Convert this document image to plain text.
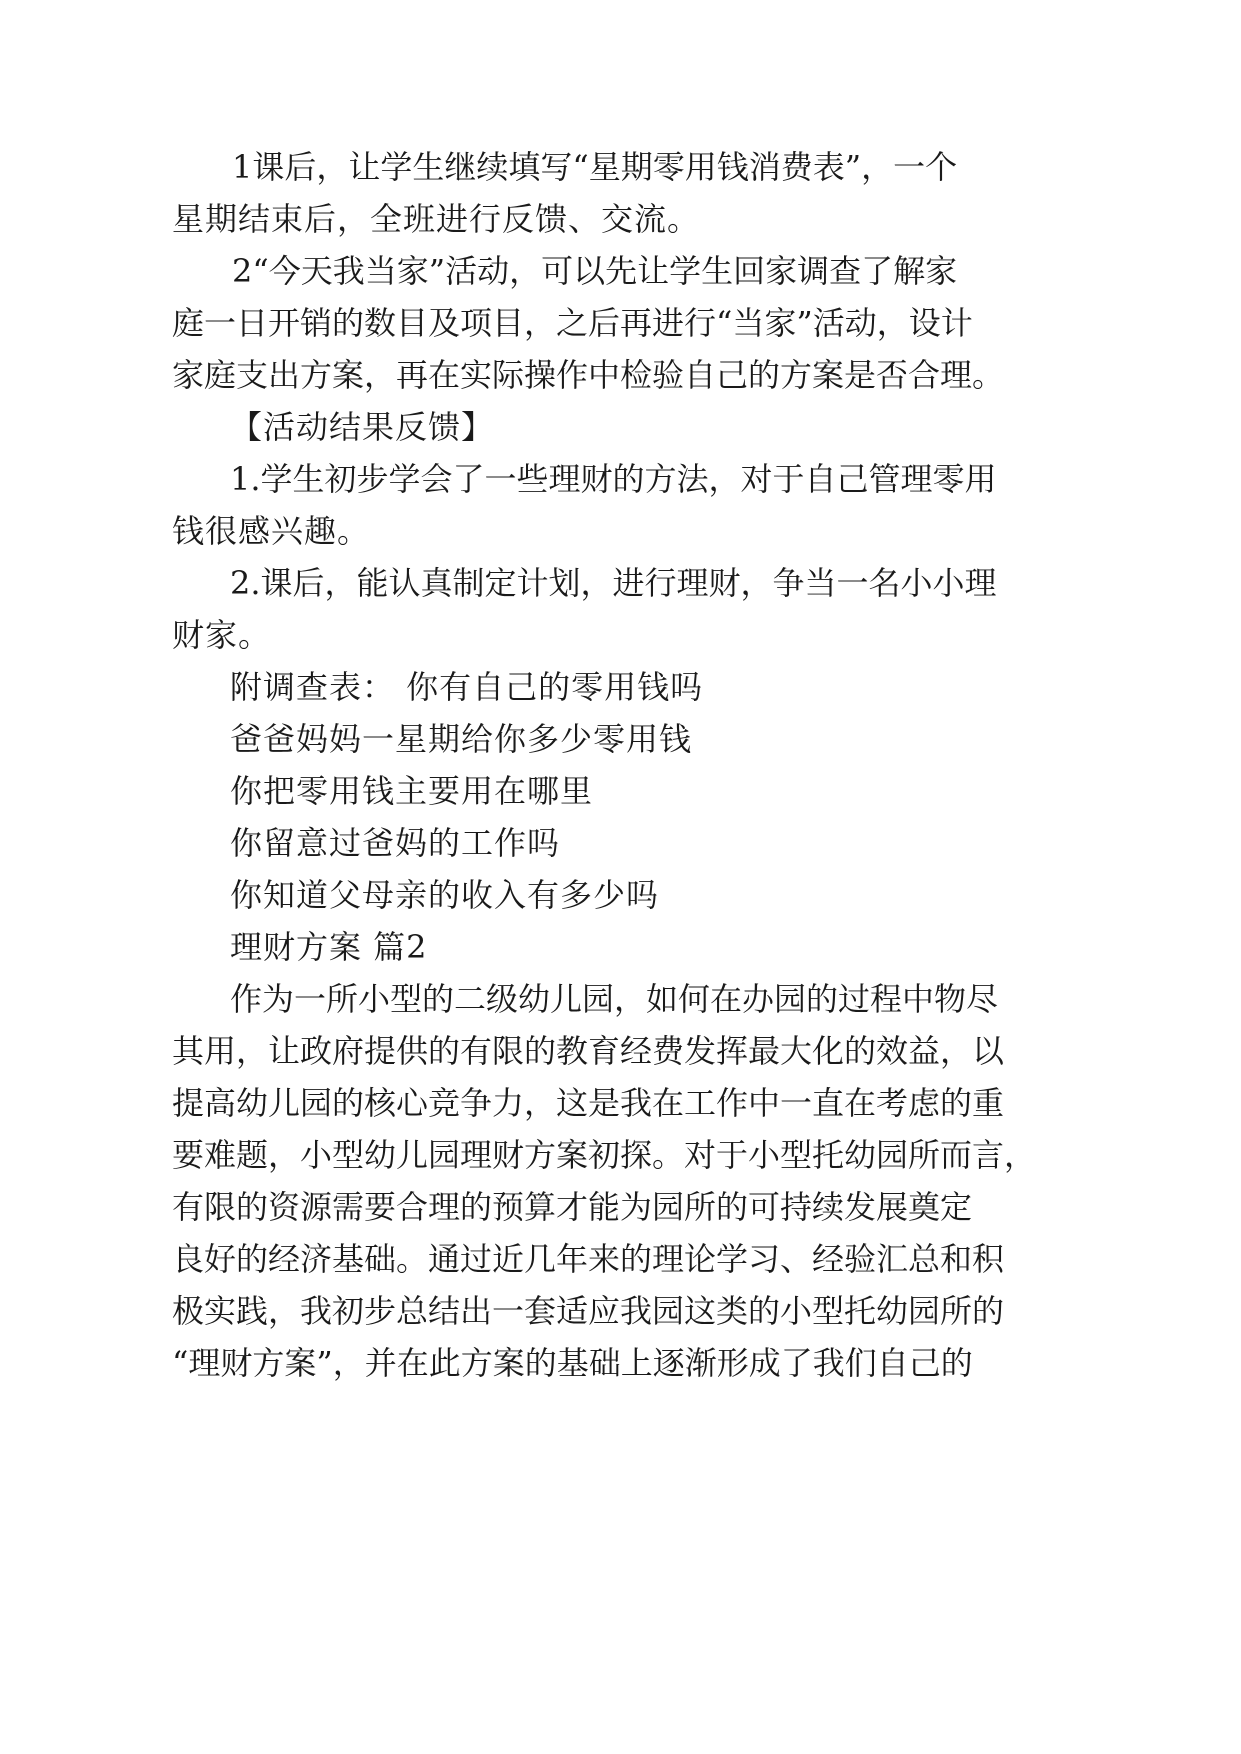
1课后，让学生继续填写“星期零用钱消费表”，一个
星期结束后，全班进行反馈、交流。
2“今天我当家”活动，可以先让学生回家调查了解家
庭一日开销的数目及项目，之后再进行“当家”活动，设计
家庭支出方案，再在实际操作中检验自己的方案是否合理。
【活动结果反馈】
1.学生初步学会了一些理财的方法，对于自己管理零用
钱很感兴趣。
2.课后，能认真制定计划，进行理财，争当一名小小理
财家。
附调查表： 你有自己的零用钱吗
爸爸妈妈一星期给你多少零用钱
你把零用钱主要用在哪里
你留意过爸妈的工作吗
你知道父母亲的收入有多少吗
理财方案 篇2
作为一所小型的二级幼儿园，如何在办园的过程中物尽
其用，让政府提供的有限的教育经费发挥最大化的效益，以
提高幼儿园的核心竞争力，这是我在工作中一直在考虑的重
要难题，小型幼儿园理财方案初探。对于小型托幼园所而言，
有限的资源需要合理的预算才能为园所的可持续发展奠定
良好的经济基础。通过近几年来的理论学习、经验汇总和积
极实践，我初步总结出一套适应我园这类的小型托幼园所的
“理财方案”，并在此方案的基础上逐渐形成了我们自己的
